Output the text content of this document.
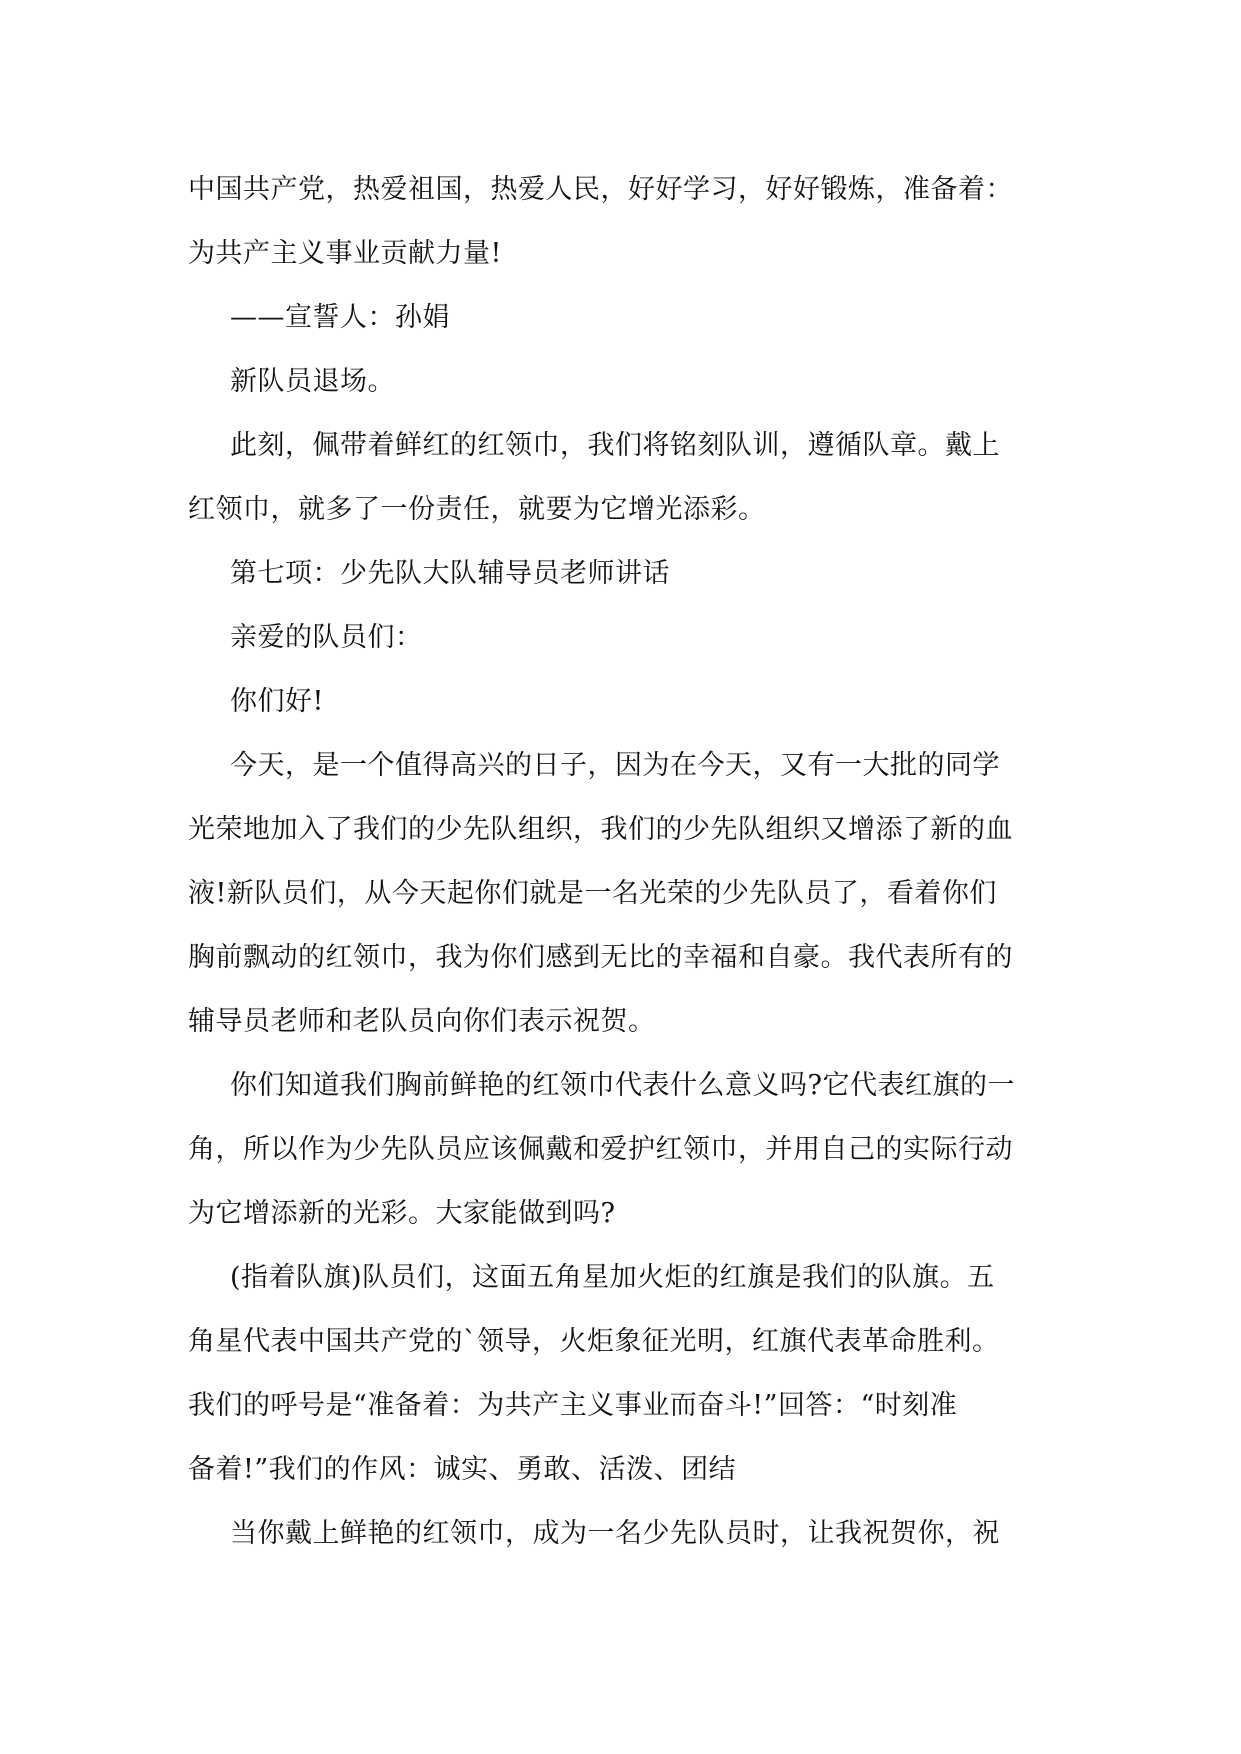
中国共产党，热爱祖国，热爱人民，好好学习，好好锻炼，准备着：
为共产主义事业贡献力量!
——宣誓人：孙娟
新队员退场。
此刻，佩带着鲜红的红领巾，我们将铭刻队训，遵循队章。戴上
红领巾，就多了一份责任，就要为它增光添彩。
第七项：少先队大队辅导员老师讲话
亲爱的队员们：
你们好!
今天，是一个值得高兴的日子，因为在今天，又有一大批的同学
光荣地加入了我们的少先队组织，我们的少先队组织又增添了新的血
液!新队员们，从今天起你们就是一名光荣的少先队员了，看着你们
胸前飘动的红领巾，我为你们感到无比的幸福和自豪。我代表所有的
辅导员老师和老队员向你们表示祝贺。
你们知道我们胸前鲜艳的红领巾代表什么意义吗?它代表红旗的一
角，所以作为少先队员应该佩戴和爱护红领巾，并用自己的实际行动
为它增添新的光彩。大家能做到吗?
(指着队旗)队员们，这面五角星加火炬的红旗是我们的队旗。五
角星代表中国共产党的`领导，火炬象征光明，红旗代表革命胜利。
我们的呼号是“准备着：为共产主义事业而奋斗!”回答：“时刻准
备着!”我们的作风：诚实、勇敢、活泼、团结
当你戴上鲜艳的红领巾，成为一名少先队员时，让我祝贺你，祝
